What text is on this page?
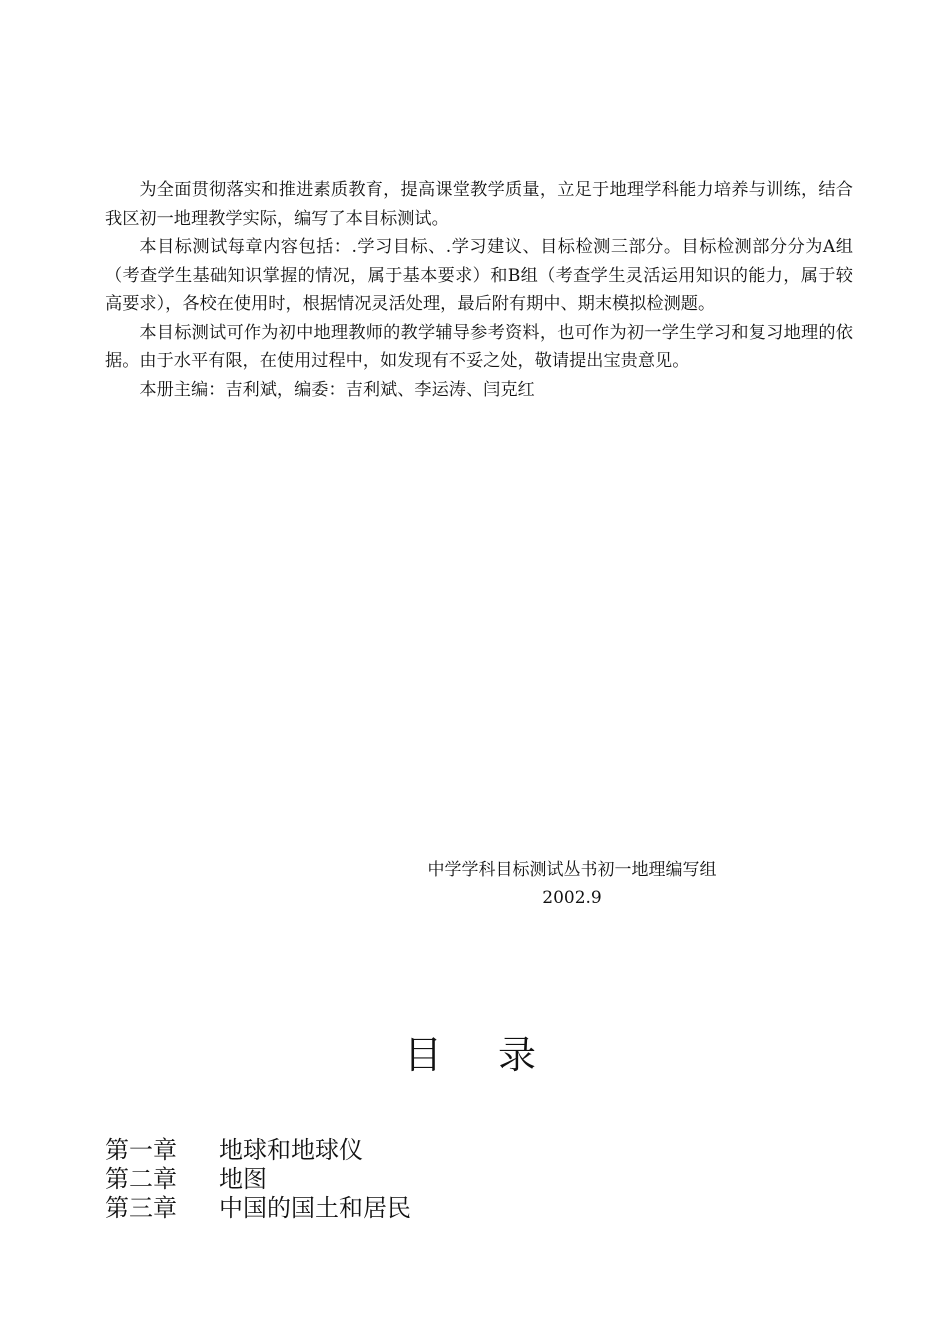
为全面贯彻落实和推进素质教育，提高课堂教学质量，立足于地理学科能力培养与训练，结合我区初一地理教学实际，编写了本目标测试。

本目标测试每章内容包括：.学习目标、.学习建议、目标检测三部分。目标检测部分分为A组（考查学生基础知识掌握的情况，属于基本要求）和B组（考查学生灵活运用知识的能力，属于较高要求），各校在使用时，根据情况灵活处理，最后附有期中、期末模拟检测题。

本目标测试可作为初中地理教师的教学辅导参考资料，也可作为初一学生学习和复习地理的依据。由于水平有限，在使用过程中，如发现有不妥之处，敬请提出宝贵意见。

本册主编：吉利斌，编委：吉利斌、李运涛、闫克红

中学学科目标测试丛书初一地理编写组
2002.9
目录
第一章 地球和地球仪
第二章 地图
第三章 中国的国土和居民
